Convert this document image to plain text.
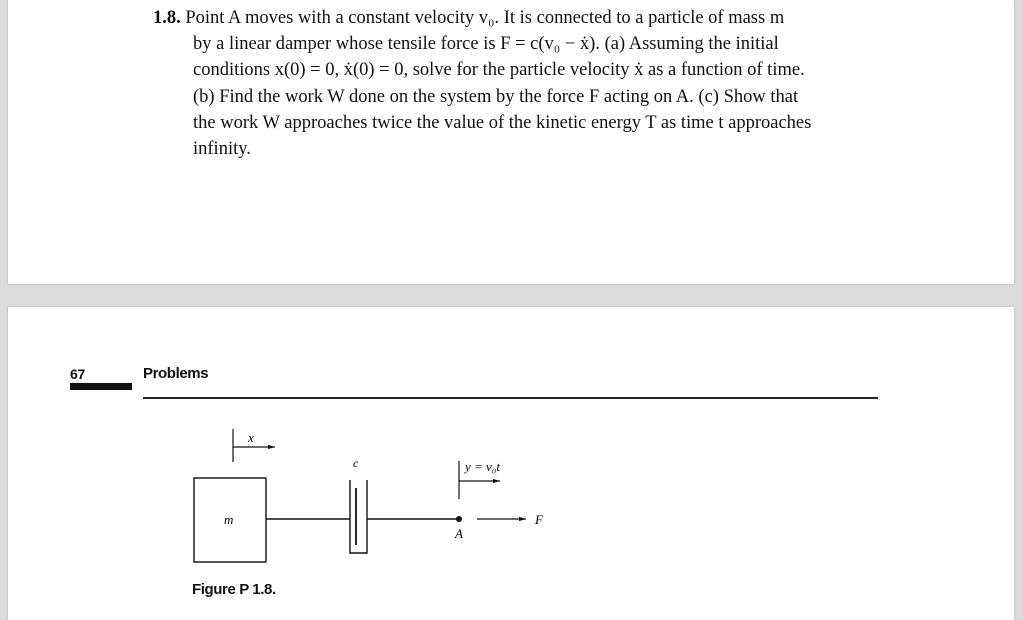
1.8. Point A moves with a constant velocity v₀. It is connected to a particle of mass m
by a linear damper whose tensile force is F = c(v₀ − ẋ). (a) Assuming the initial
conditions x(0) = 0, ẋ(0) = 0, solve for the particle velocity ẋ as a function of time.
(b) Find the work W done on the system by the force F acting on A. (c) Show that
the work W approaches twice the value of the kinetic energy T as time t approaches
infinity.

67	Problems
x
m
c	y = v₀t
A
F
Figure P 1.8.
